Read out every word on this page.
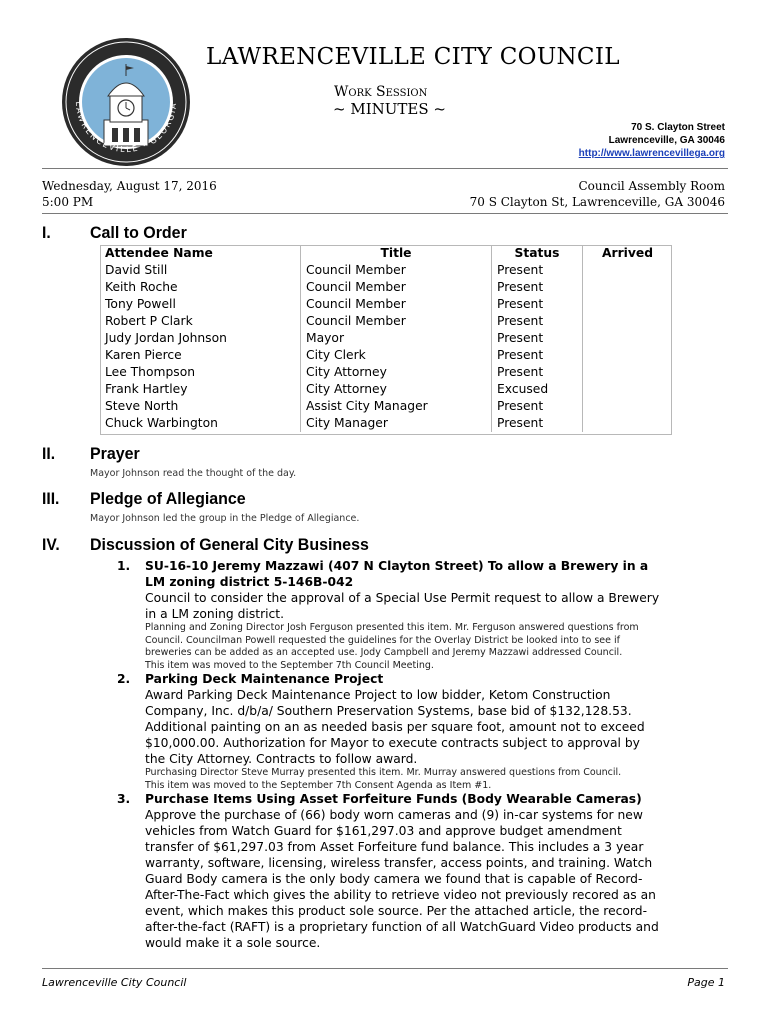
LAWRENCEVILLE · GEORGIA
LAWRENCEVILLE CITY COUNCIL
Work Session
~ MINUTES ~
70 S. Clayton Street
Lawrenceville, GA 30046
http://www.lawrencevillega.org
Wednesday, August 17, 2016
5:00 PM
Council Assembly Room
70 S Clayton St, Lawrenceville, GA 30046
I. Call to Order
Attendee Name	Title	Status	Arrived
David Still	Council Member	Present	
Keith Roche	Council Member	Present	
Tony Powell	Council Member	Present	
Robert P Clark	Council Member	Present	
Judy Jordan Johnson	Mayor	Present	
Karen Pierce	City Clerk	Present	
Lee Thompson	City Attorney	Present	
Frank Hartley	City Attorney	Excused	
Steve North	Assist City Manager	Present	
Chuck Warbington	City Manager	Present	
II. Prayer
Mayor Johnson read the thought of the day.
III. Pledge of Allegiance
Mayor Johnson led the group in the Pledge of Allegiance.
IV. Discussion of General City Business
1. SU-16-10 Jeremy Mazzawi (407 N Clayton Street) To allow a Brewery in a
LM zoning district 5-146B-042
Council to consider the approval of a Special Use Permit request to allow a Brewery
in a LM zoning district.
Planning and Zoning Director Josh Ferguson presented this item. Mr. Ferguson answered questions from
Council. Councilman Powell requested the guidelines for the Overlay District be looked into to see if
breweries can be added as an accepted use. Jody Campbell and Jeremy Mazzawi addressed Council.
This item was moved to the September 7th Council Meeting.
2. Parking Deck Maintenance Project
Award Parking Deck Maintenance Project to low bidder, Ketom Construction
Company, Inc. d/b/a/ Southern Preservation Systems, base bid of $132,128.53.
Additional painting on an as needed basis per square foot, amount not to exceed
$10,000.00. Authorization for Mayor to execute contracts subject to approval by
the City Attorney. Contracts to follow award.
Purchasing Director Steve Murray presented this item. Mr. Murray answered questions from Council.
This item was moved to the September 7th Consent Agenda as Item #1.
3. Purchase Items Using Asset Forfeiture Funds (Body Wearable Cameras)
Approve the purchase of (66) body worn cameras and (9) in-car systems for new
vehicles from Watch Guard for $161,297.03 and approve budget amendment
transfer of $61,297.03 from Asset Forfeiture fund balance. This includes a 3 year
warranty, software, licensing, wireless transfer, access points, and training. Watch
Guard Body camera is the only body camera we found that is capable of Record-
After-The-Fact which gives the ability to retrieve video not previously recored as an
event, which makes this product sole source. Per the attached article, the record-
after-the-fact (RAFT) is a proprietary function of all WatchGuard Video products and
would make it a sole source.
Lawrenceville City Council	Page 1
